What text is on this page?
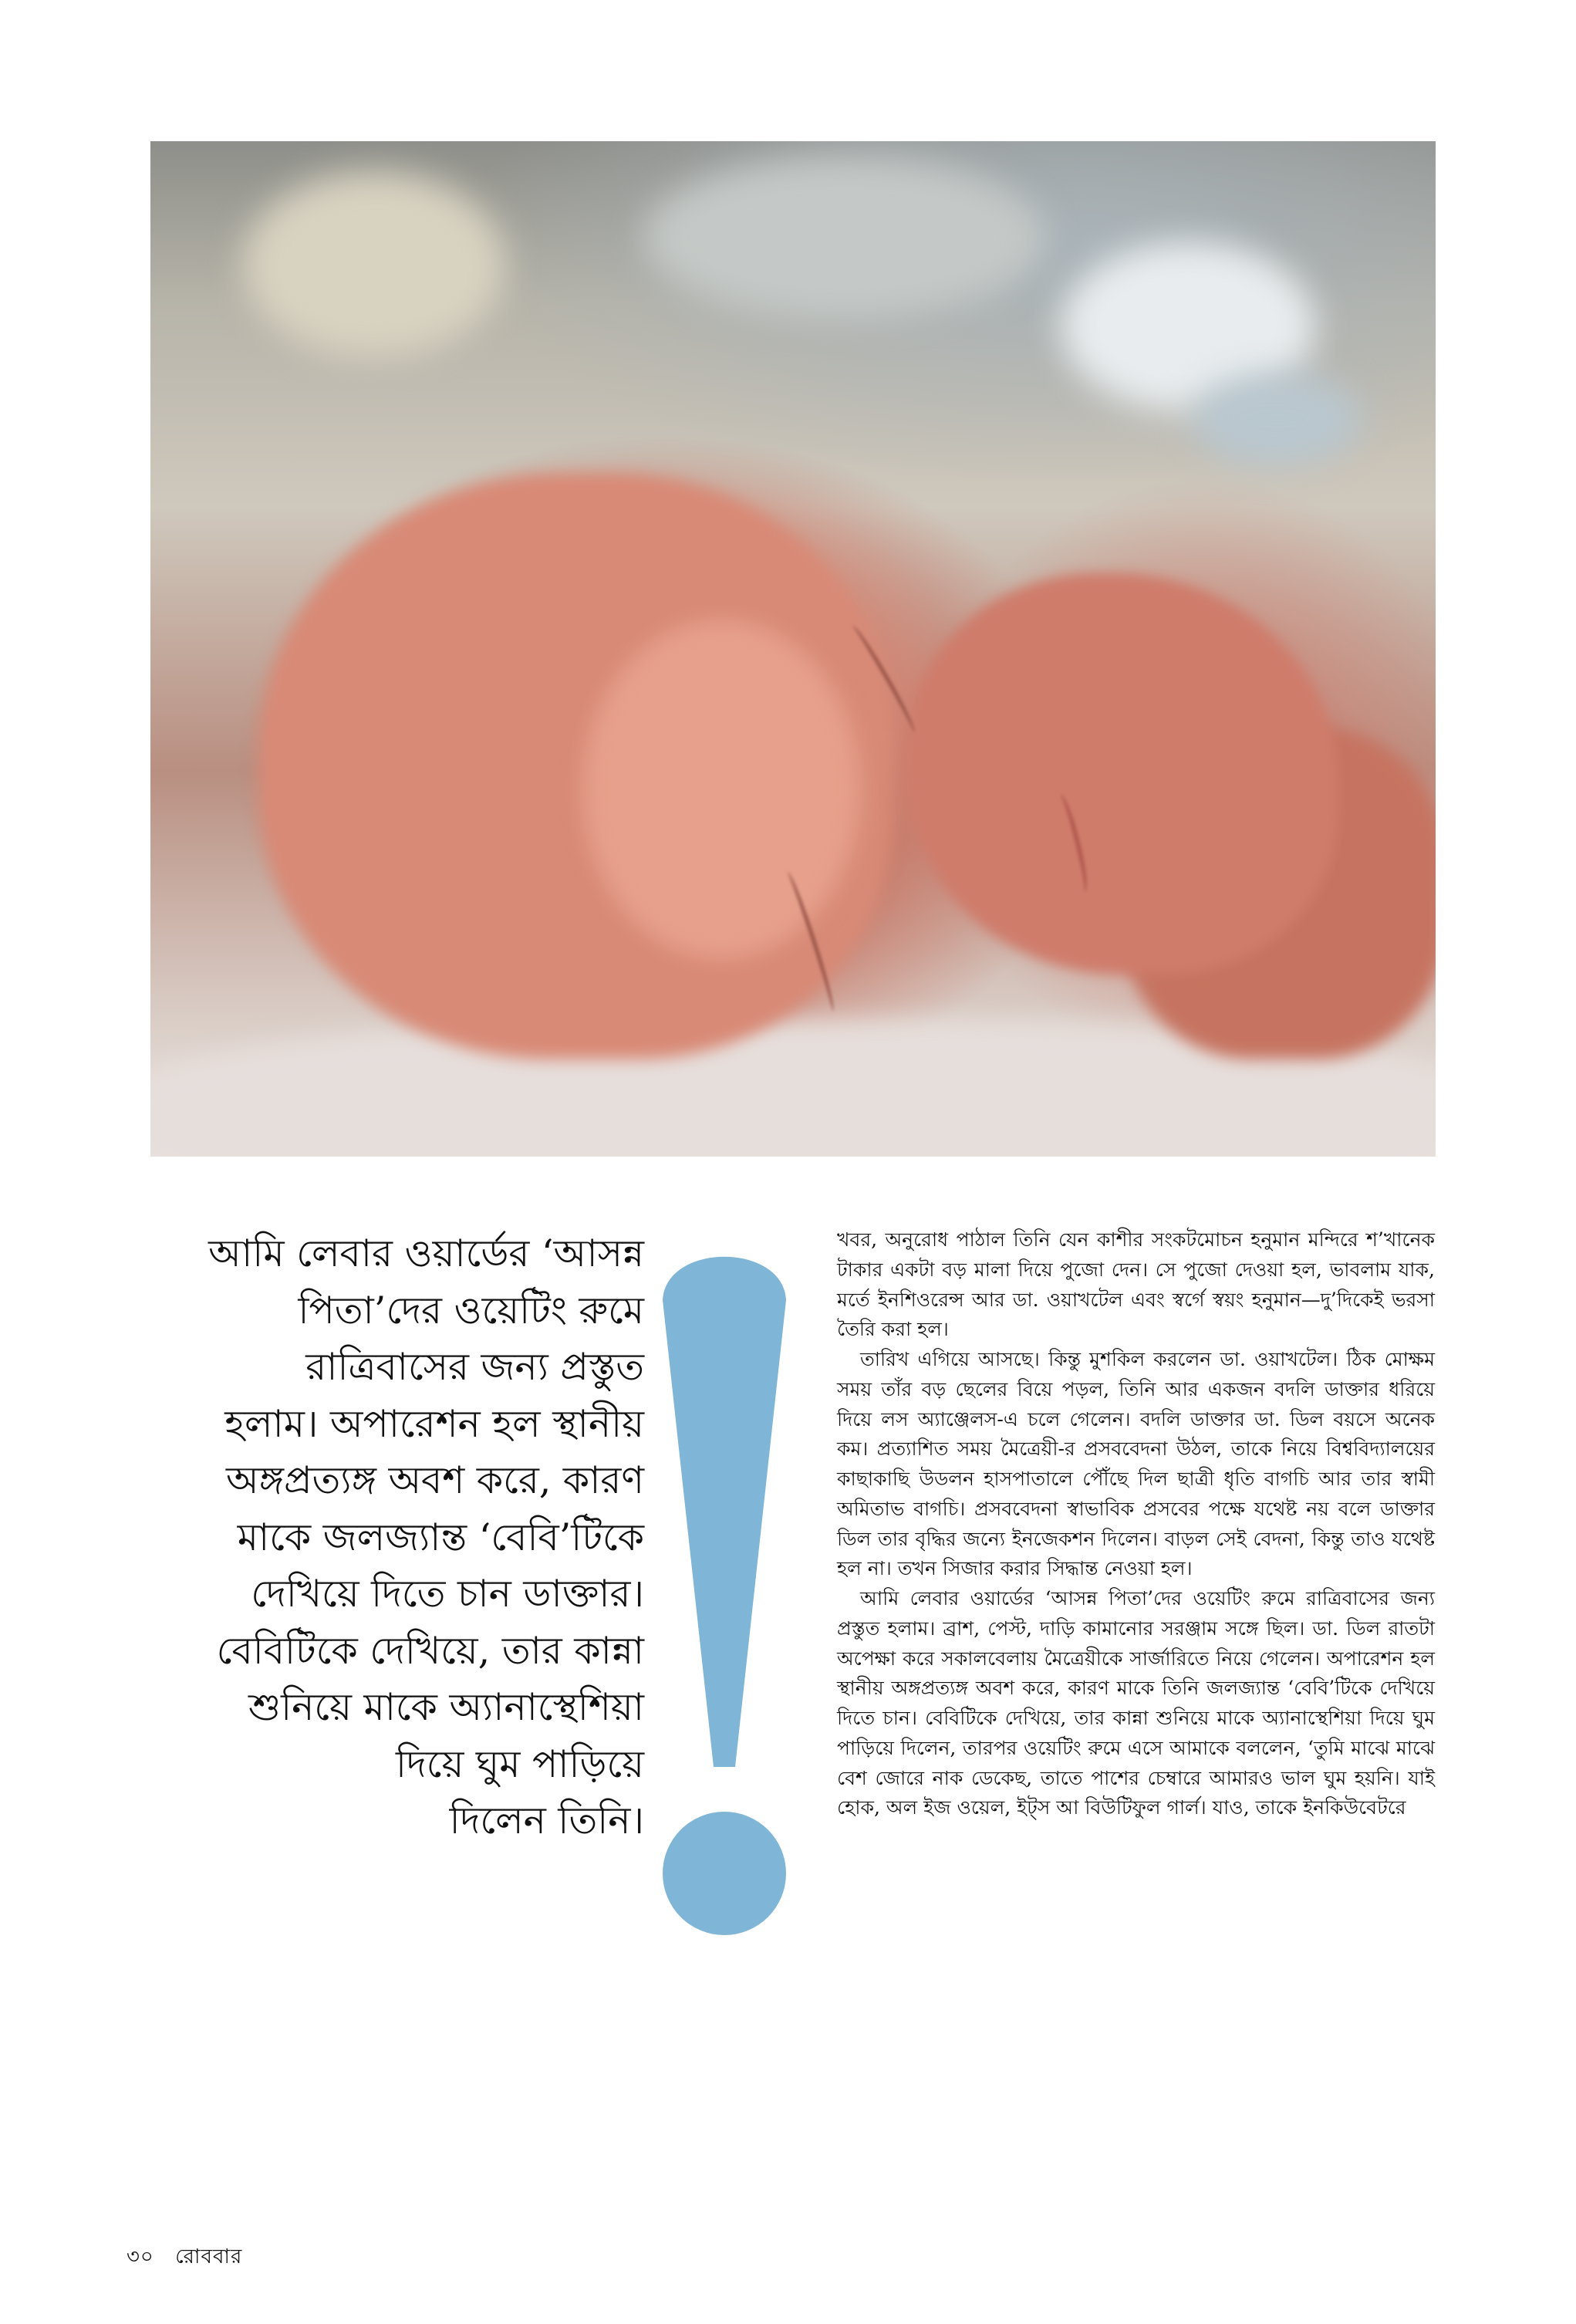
আমি লেবার ওয়ার্ডের ‘আসন্ন
পিতা’দের ওয়েটিং রুমে
রাত্রিবাসের জন্য প্রস্তুত
হলাম। অপারেশন হল স্থানীয়
অঙ্গপ্রত্যঙ্গ অবশ করে, কারণ
মাকে জলজ্যান্ত ‘বেবি’টিকে
দেখিয়ে দিতে চান ডাক্তার।
বেবিটিকে দেখিয়ে, তার কান্না
শুনিয়ে মাকে অ্যানাস্থেশিয়া
দিয়ে ঘুম পাড়িয়ে
দিলেন তিনি।

খবর, অনুরোধ পাঠাল তিনি যেন কাশীর সংকটমোচন হনুমান মন্দিরে শ’খানেক টাকার একটা বড় মালা দিয়ে পুজো দেন। সে পুজো দেওয়া হল, ভাবলাম যাক, মর্তে ইনশিওরেন্স আর ডা. ওয়াখটেল এবং স্বর্গে স্বয়ং হনুমান—দু’দিকেই ভরসা তৈরি করা হল।

তারিখ এগিয়ে আসছে। কিন্তু মুশকিল করলেন ডা. ওয়াখটেল। ঠিক মোক্ষম সময় তাঁর বড় ছেলের বিয়ে পড়ল, তিনি আর একজন বদলি ডাক্তার ধরিয়ে দিয়ে লস অ্যাঞ্জেলস-এ চলে গেলেন। বদলি ডাক্তার ডা. ডিল বয়সে অনেক কম। প্রত্যাশিত সময় মৈত্রেয়ী-র প্রসববেদনা উঠল, তাকে নিয়ে বিশ্ববিদ্যালয়ের কাছাকাছি উডলন হাসপাতালে পৌঁছে দিল ছাত্রী ধৃতি বাগচি আর তার স্বামী অমিতাভ বাগচি। প্রসববেদনা স্বাভাবিক প্রসবের পক্ষে যথেষ্ট নয় বলে ডাক্তার ডিল তার বৃদ্ধির জন্যে ইনজেকশন দিলেন। বাড়ল সেই বেদনা, কিন্তু তাও যথেষ্ট হল না। তখন সিজার করার সিদ্ধান্ত নেওয়া হল।

আমি লেবার ওয়ার্ডের ‘আসন্ন পিতা’দের ওয়েটিং রুমে রাত্রিবাসের জন্য প্রস্তুত হলাম। ব্রাশ, পেস্ট, দাড়ি কামানোর সরঞ্জাম সঙ্গে ছিল। ডা. ডিল রাতটা অপেক্ষা করে সকালবেলায় মৈত্রেয়ীকে সার্জারিতে নিয়ে গেলেন। অপারেশন হল স্থানীয় অঙ্গপ্রত্যঙ্গ অবশ করে, কারণ মাকে তিনি জলজ্যান্ত ‘বেবি’টিকে দেখিয়ে দিতে চান। বেবিটিকে দেখিয়ে, তার কান্না শুনিয়ে মাকে অ্যানাস্থেশিয়া দিয়ে ঘুম পাড়িয়ে দিলেন, তারপর ওয়েটিং রুমে এসে আমাকে বললেন, ‘তুমি মাঝে মাঝে বেশ জোরে নাক ডেকেছ, তাতে পাশের চেম্বারে আমারও ভাল ঘুম হয়নি। যাই হোক, অল ইজ ওয়েল, ইট্স আ বিউটিফুল গার্ল। যাও, তাকে ইনকিউবেটরে

৩০ রোববার
